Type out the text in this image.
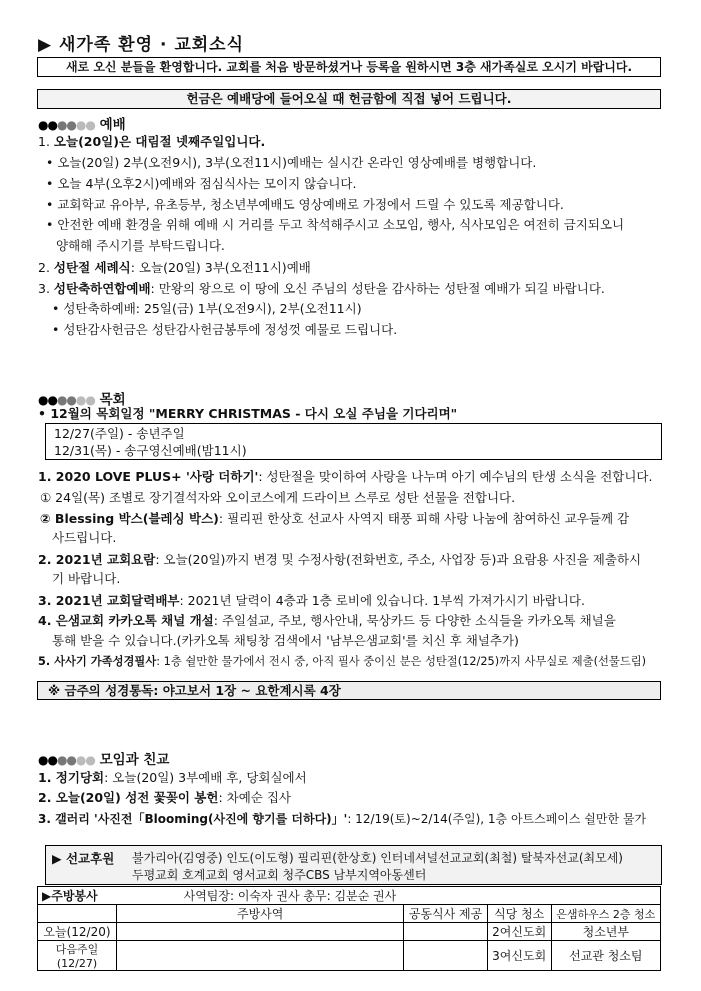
▶ 새가족 환영 · 교회소식
새로 오신 분들을 환영합니다. 교회를 처음 방문하셨거나 등록을 원하시면 3층 새가족실로 오시기 바랍니다.
헌금은 예배당에 들어오실 때 헌금함에 직접 넣어 드립니다.
●●●●●● 예배
1. 오늘(20일)은 대림절 넷째주일입니다.
• 오늘(20일) 2부(오전9시), 3부(오전11시)예배는 실시간 온라인 영상예배를 병행합니다.
• 오늘 4부(오후2시)예배와 점심식사는 모이지 않습니다.
• 교회학교 유아부, 유초등부, 청소년부예배도 영상예배로 가정에서 드릴 수 있도록 제공합니다.
• 안전한 예배 환경을 위해 예배 시 거리를 두고 착석해주시고 소모임, 행사, 식사모임은 여전히 금지되오니
양해해 주시기를 부탁드립니다.
2. 성탄절 세례식: 오늘(20일) 3부(오전11시)예배
3. 성탄축하연합예배: 만왕의 왕으로 이 땅에 오신 주님의 성탄을 감사하는 성탄절 예배가 되길 바랍니다.
• 성탄축하예배: 25일(금) 1부(오전9시), 2부(오전11시)
• 성탄감사헌금은 성탄감사헌금봉투에 정성껏 예물로 드립니다.
●●●●●● 목회
• 12월의 목회일정 "MERRY CHRISTMAS - 다시 오실 주님을 기다리며"
12/27(주일) - 송년주일
12/31(목) - 송구영신예배(밤11시)
1. 2020 LOVE PLUS+ '사랑 더하기': 성탄절을 맞이하여 사랑을 나누며 아기 예수님의 탄생 소식을 전합니다.
① 24일(목) 조별로 장기결석자와 오이코스에게 드라이브 스루로 성탄 선물을 전합니다.
② Blessing 박스(블레싱 박스): 필리핀 한상호 선교사 사역지 태풍 피해 사랑 나눔에 참여하신 교우들께 감
사드립니다.
2. 2021년 교회요람: 오늘(20일)까지 변경 및 수정사항(전화번호, 주소, 사업장 등)과 요람용 사진을 제출하시
기 바랍니다.
3. 2021년 교회달력배부: 2021년 달력이 4층과 1층 로비에 있습니다. 1부씩 가져가시기 바랍니다.
4. 은샘교회 카카오톡 채널 개설: 주일설교, 주보, 행사안내, 묵상카드 등 다양한 소식들을 카카오톡 채널을
통해 받을 수 있습니다.(카카오톡 채팅창 검색에서 '남부은샘교회'를 치신 후 채널추가)
5. 사사기 가족성경필사: 1층 쉴만한 물가에서 전시 중, 아직 필사 중이신 분은 성탄절(12/25)까지 사무실로 제출(선물드림)
※ 금주의 성경통독: 야고보서 1장 ~ 요한계시록 4장
●●●●●● 모임과 친교
1. 정기당회: 오늘(20일) 3부예배 후, 당회실에서
2. 오늘(20일) 성전 꽃꽂이 봉헌: 차예순 집사
3. 갤러리 '사진전「Blooming(사진에 향기를 더하다)」': 12/19(토)~2/14(주일), 1층 아트스페이스 쉴만한 물가
▶ 선교후원 불가리아(김영중) 인도(이도형) 필리핀(한상호) 인터네셔널선교교회(최철) 탈북자선교(최모세)
두평교회 호계교회 영서교회 청주CBS 남부지역아동센터
▶주방봉사 사역팀장: 이숙자 권사 총무: 김분순 권사				
	주방사역	공동식사 제공	식당 청소	은샘하우스 2층 청소
오늘(12/20)			2여신도회	청소년부
다음주일(12/27)			3여신도회	선교관 청소팀
